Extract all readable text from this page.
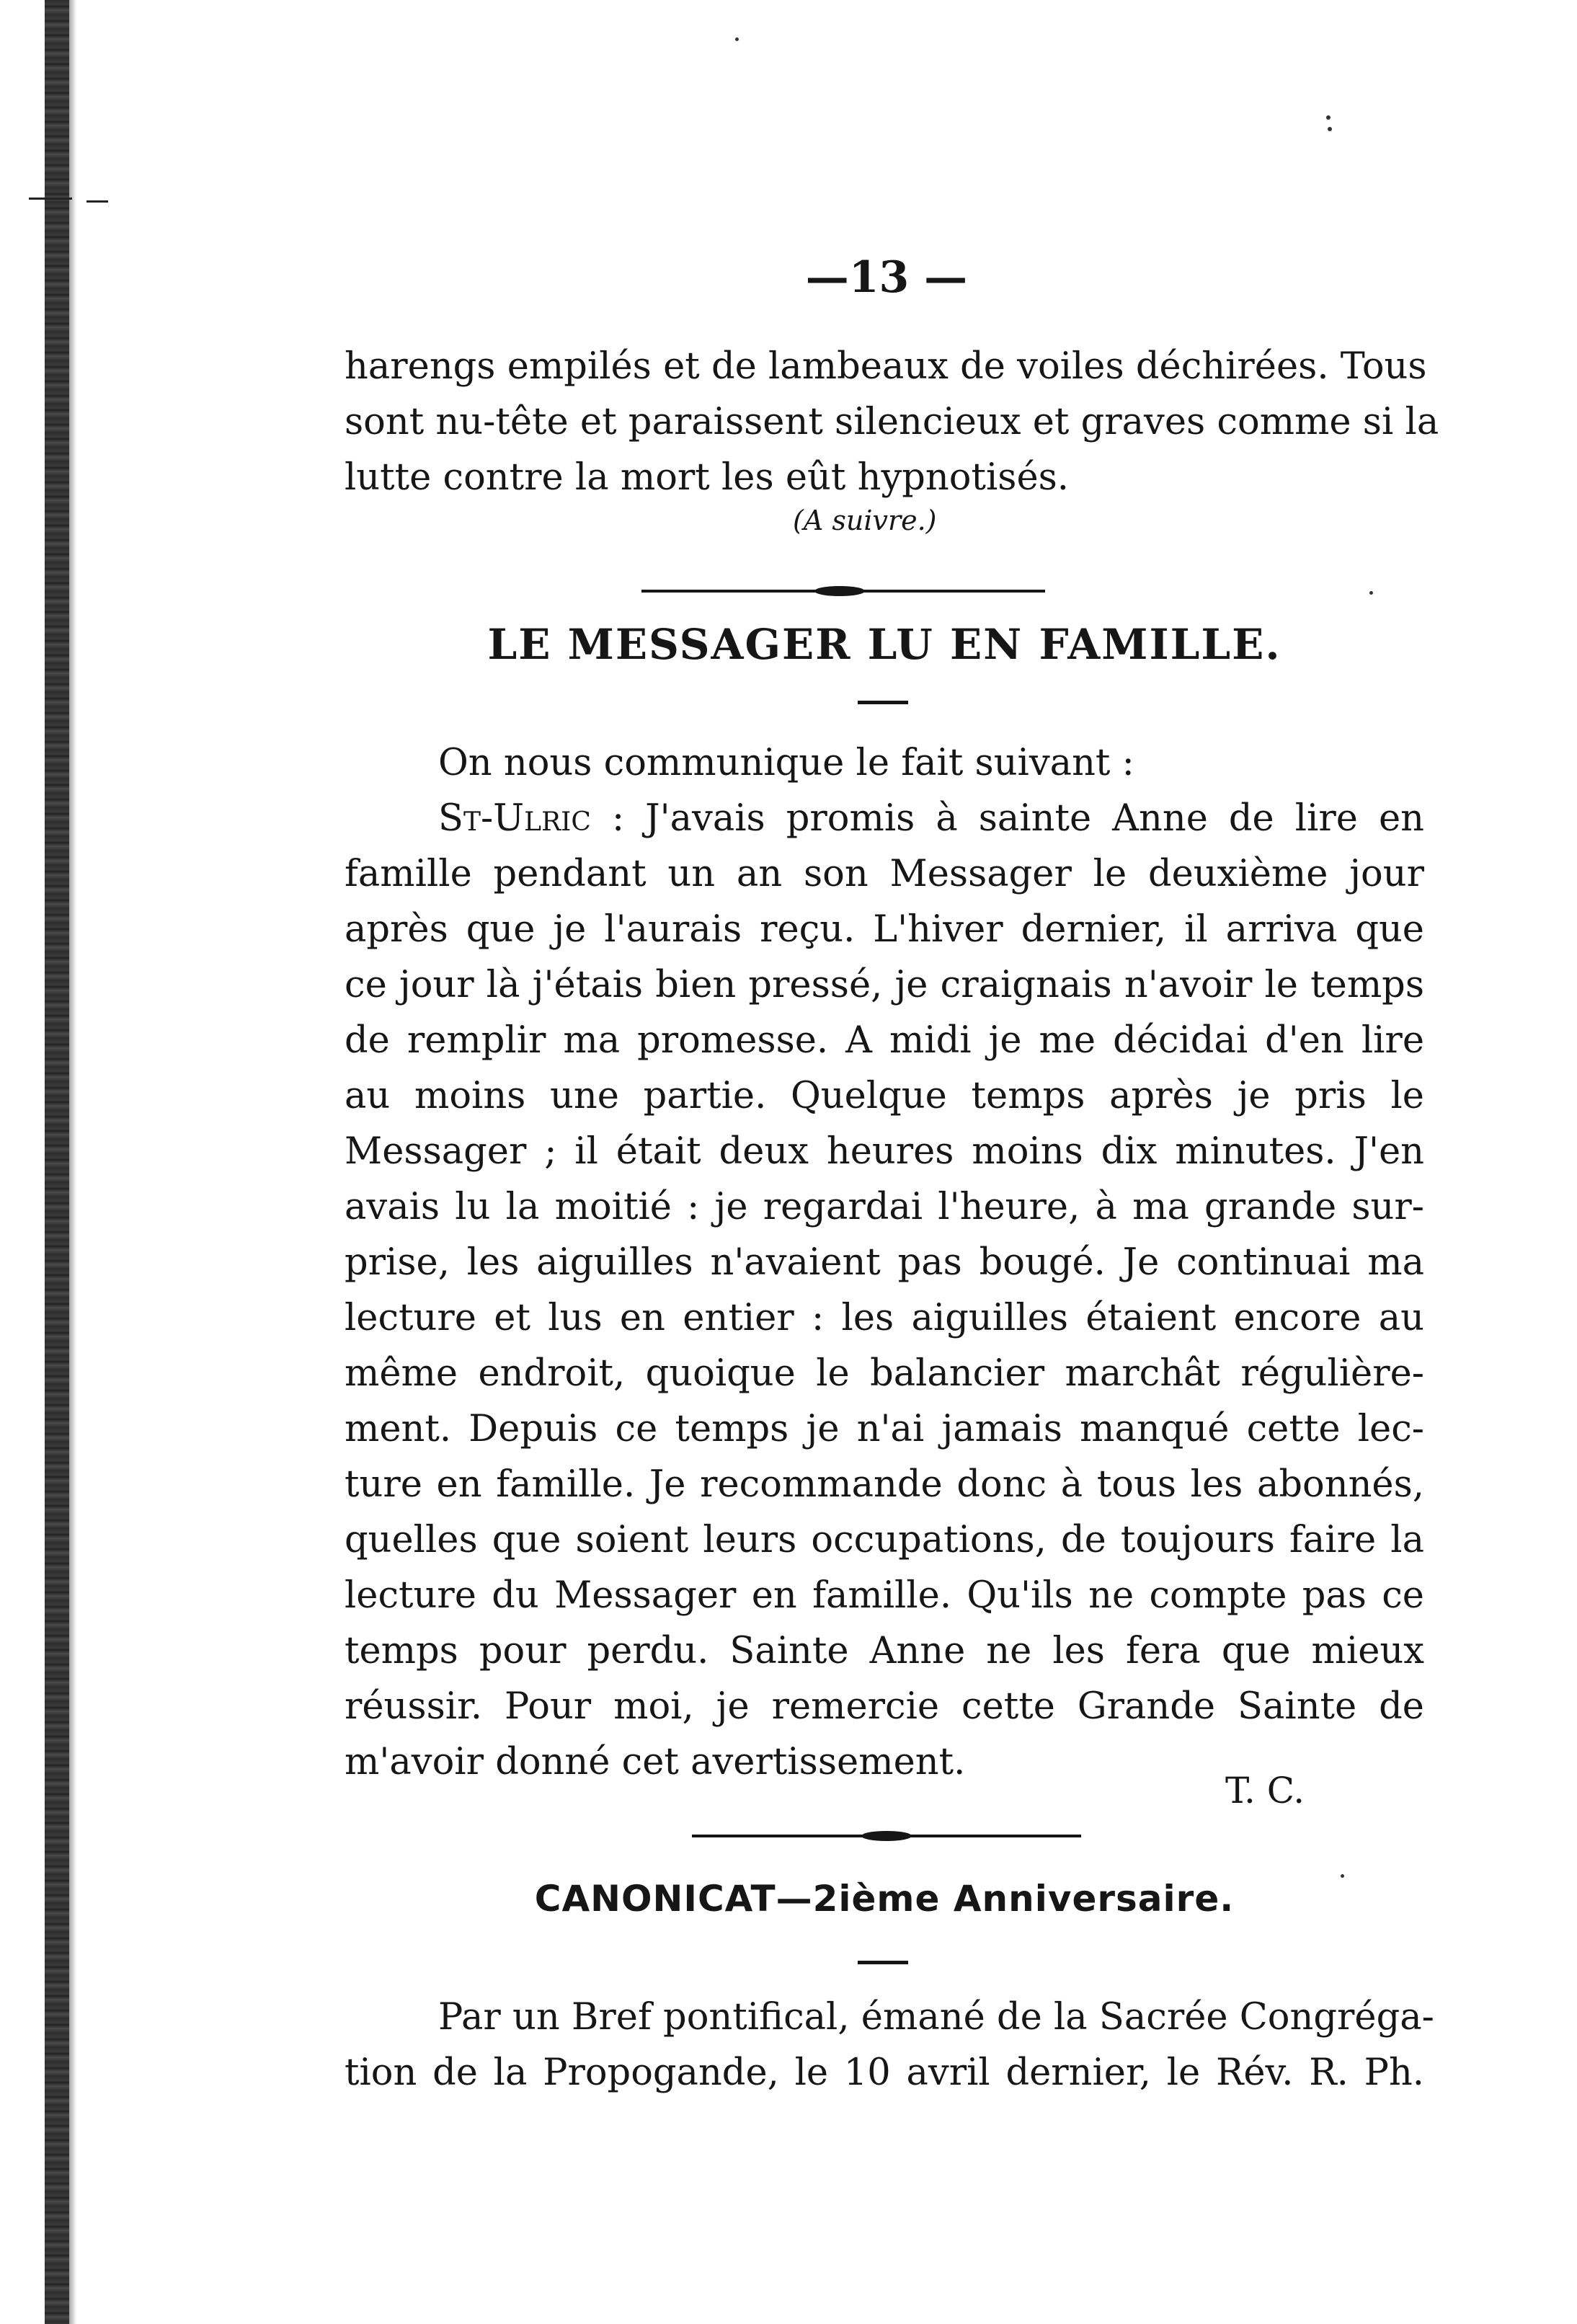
—13 —
harengs empilés et de lambeaux de voiles déchirées. Tous
sont nu-tête et paraissent silencieux et graves comme si la
lutte contre la mort les eût hypnotisés.
(A suivre.)
LE MESSAGER LU EN FAMILLE.
On nous communique le fait suivant :
St-Ulric : J'avais promis à sainte Anne de lire en
famille pendant un an son Messager le deuxième jour
après que je l'aurais reçu. L'hiver dernier, il arriva que
ce jour là j'étais bien pressé, je craignais n'avoir le temps
de remplir ma promesse. A midi je me décidai d'en lire
au moins une partie. Quelque temps après je pris le
Messager ; il était deux heures moins dix minutes. J'en
avais lu la moitié : je regardai l'heure, à ma grande sur-
prise, les aiguilles n'avaient pas bougé. Je continuai ma
lecture et lus en entier : les aiguilles étaient encore au
même endroit, quoique le balancier marchât régulière-
ment. Depuis ce temps je n'ai jamais manqué cette lec-
ture en famille. Je recommande donc à tous les abonnés,
quelles que soient leurs occupations, de toujours faire la
lecture du Messager en famille. Qu'ils ne compte pas ce
temps pour perdu. Sainte Anne ne les fera que mieux
réussir. Pour moi, je remercie cette Grande Sainte de
m'avoir donné cet avertissement.
T. C.
CANONICAT—2ième Anniversaire.
Par un Bref pontifical, émané de la Sacrée Congréga-
tion de la Propogande, le 10 avril dernier, le Rév. R. Ph.
